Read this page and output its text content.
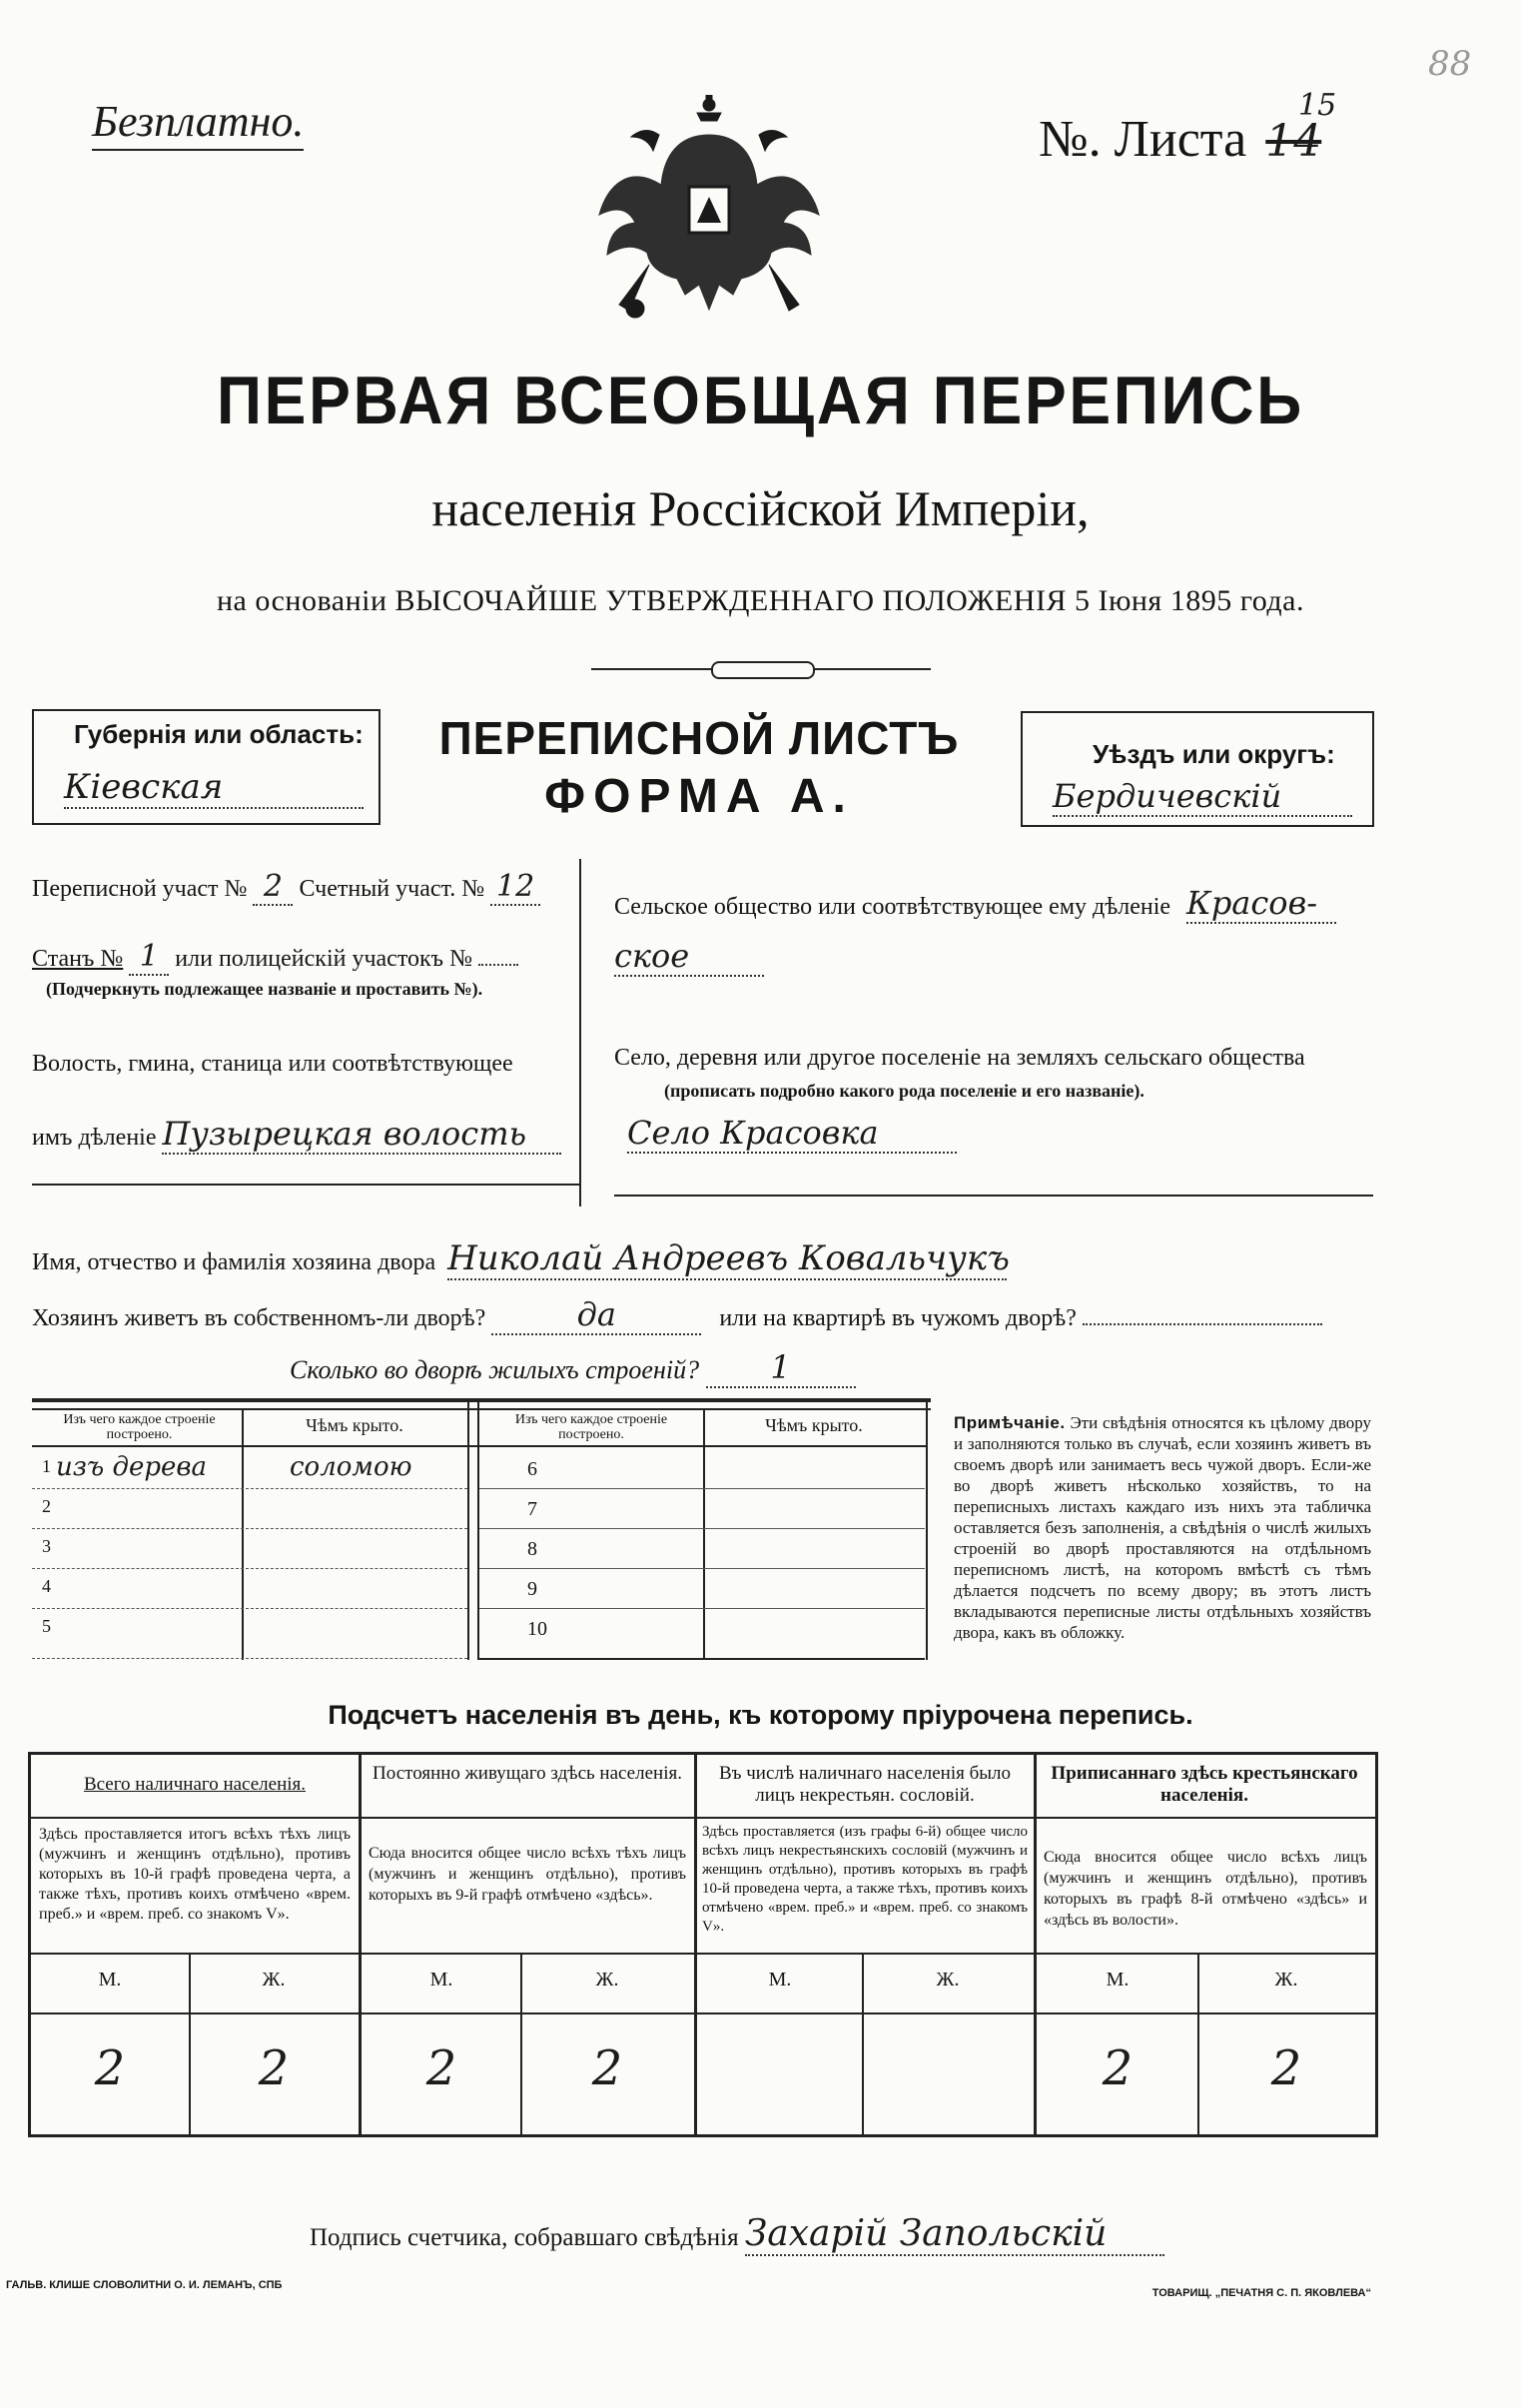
Безплатно.	№. Листа 14
15
88
ПЕРВАЯ ВСЕОБЩАЯ ПЕРЕПИСЬ
населенія Россійской Имперіи,
на основаніи ВЫСОЧАЙШЕ УТВЕРЖДЕННАГО ПОЛОЖЕНІЯ 5 Іюня 1895 года.
Губернія или область:
Кіевская
ПЕРЕПИСНОЙ ЛИСТЪ
ФОРМА А.
Уѣздъ или округъ:
Бердичевскій
Переписной участ № 2 Счетный участ. № 12
Станъ № 1 или полицейскій участокъ №
(Подчеркнуть подлежащее названіе и проставить №).
Волость, гмина, станица или соотвѣтствующее
имъ дѣленіе Пузырецкая волость
Сельское общество или соотвѣтствующее ему дѣленіе Красов-
ское
Село, деревня или другое поселеніе на земляхъ сельскаго общества
(прописать подробно какого рода поселеніе и его названіе).
Село Красовка
Имя, отчество и фамилія хозяина двора Николай Андреевъ Ковальчукъ
Хозяинъ живетъ въ собственномъ-ли дворѣ?	да	или на квартирѣ въ чужомъ дворѣ?
Сколько во дворѣ жилыхъ строеній? 1
Изъ чего каждое строеніе построено.	Чѣмъ крыто.	Изъ чего каждое строеніе построено.	Чѣмъ крыто.
1 изъ дерева	соломою
2
3
4
5
6
7
8
9
10
Примѣчаніе. Эти свѣдѣнія относятся къ цѣлому двору и заполняются только въ случаѣ, если хозяинъ живетъ въ своемъ дворѣ или занимаетъ весь чужой дворъ. Если-же во дворѣ живетъ нѣсколько хозяйствъ, то на переписныхъ листахъ каждаго изъ нихъ эта табличка оставляется безъ заполненія, а свѣдѣнія о числѣ жилыхъ строеній во дворѣ проставляются на отдѣльномъ переписномъ листѣ, на которомъ вмѣстѣ съ тѣмъ дѣлается подсчетъ по всему двору; въ этотъ листъ вкладываются переписные листы отдѣльныхъ хозяйствъ двора, какъ въ обложку.
Подсчетъ населенія въ день, къ которому пріурочена перепись.
Всего наличнаго населенія.
Здѣсь проставляется итогъ всѣхъ тѣхъ лицъ (мужчинъ и женщинъ отдѣльно), противъ которыхъ въ 10-й графѣ проведена черта, а также тѣхъ, противъ коихъ отмѣчено «врем. преб.» и «врем. преб. со знакомъ V».
М.	Ж.
2	2
Постоянно живущаго здѣсь населенія.
Сюда вносится общее число всѣхъ тѣхъ лицъ (мужчинъ и женщинъ отдѣльно), противъ которыхъ въ 9-й графѣ отмѣчено «здѣсь».
М.	Ж.
2	2
Въ числѣ наличнаго населенія было лицъ некрестьян. сословій.
Здѣсь проставляется (изъ графы 6-й) общее число всѣхъ лицъ некрестьянскихъ сословій (мужчинъ и женщинъ отдѣльно), противъ которыхъ въ графѣ 10-й проведена черта, а также тѣхъ, противъ коихъ отмѣчено «врем. преб.» и «врем. преб. со знакомъ V».
М.	Ж.
Приписаннаго здѣсь крестьянскаго населенія.
Сюда вносится общее число всѣхъ лицъ (мужчинъ и женщинъ отдѣльно), противъ которыхъ въ графѣ 8-й отмѣчено «здѣсь» и «здѣсь въ волости».
М.	Ж.
2	2
Подпись счетчика, собравшаго свѣдѣнія Захарій Запольскій
ГАЛЬВ. КЛИШЕ СЛОВОЛИТНИ О. И. ЛЕМАНЪ, СПБ
ТОВАРИЩ. „ПЕЧАТНЯ С. П. ЯКОВЛЕВА“
